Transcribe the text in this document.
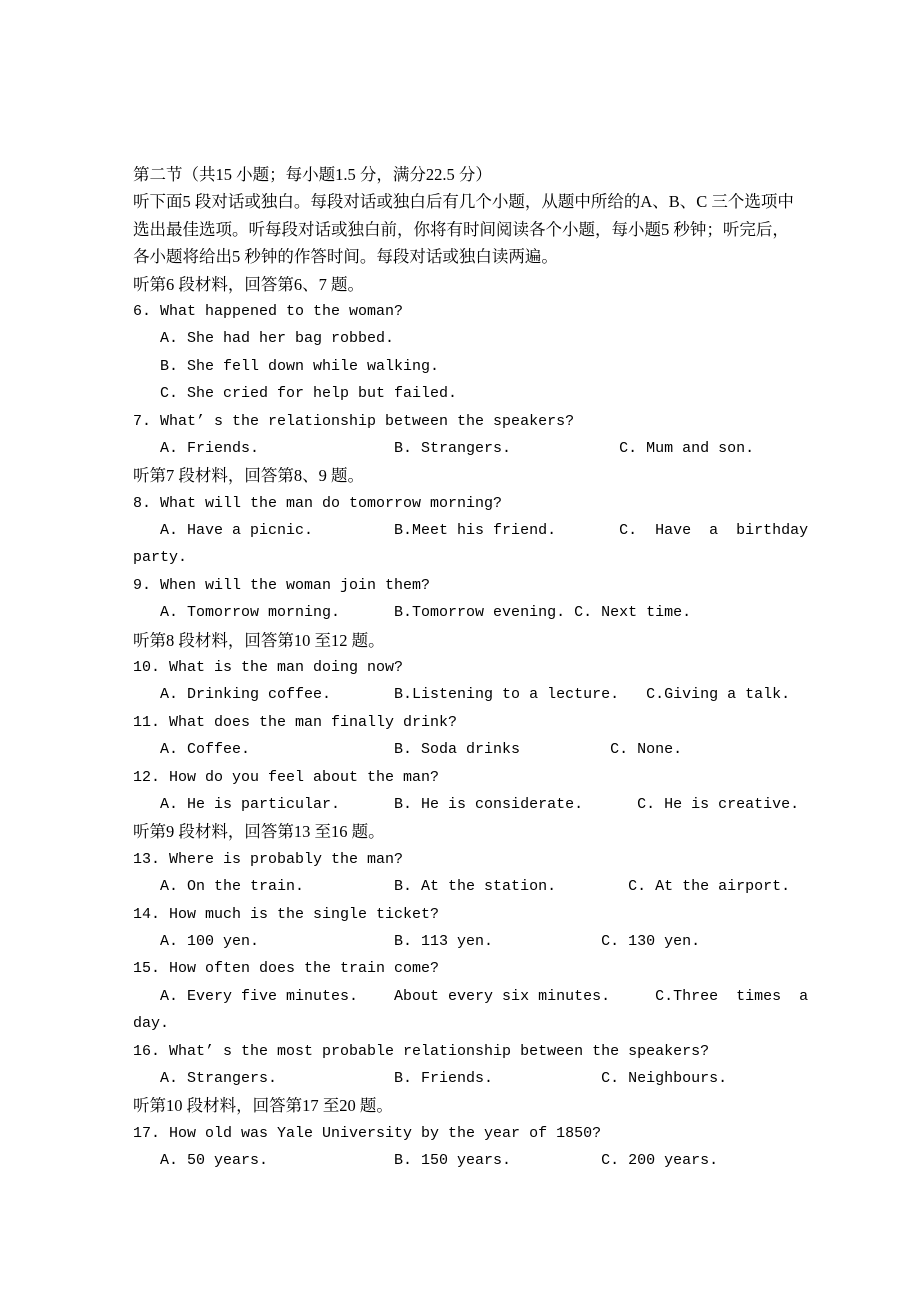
第二节（共15 小题；每小题1.5 分，满分22.5 分）
听下面5 段对话或独白。每段对话或独白后有几个小题，从题中所给的A、B、C 三个选项中
选出最佳选项。听每段对话或独白前，你将有时间阅读各个小题，每小题5 秒钟；听完后，
各小题将给出5 秒钟的作答时间。每段对话或独白读两遍。
听第6 段材料，回答第6、7 题。
6. What happened to the woman?
A. She had her bag robbed.
B. She fell down while walking.
C. She cried for help but failed.
7. What’ s the relationship between the speakers?
A. Friends.               B. Strangers.            C. Mum and son.
听第7 段材料，回答第8、9 题。
8. What will the man do tomorrow morning?
A. Have a picnic.         B.Meet his friend.       C.  Have  a  birthday
party.
9. When will the woman join them?
A. Tomorrow morning.      B.Tomorrow evening. C. Next time.
听第8 段材料，回答第10 至12 题。
10. What is the man doing now?
A. Drinking coffee.       B.Listening to a lecture.   C.Giving a talk.
11. What does the man finally drink?
A. Coffee.                B. Soda drinks          C. None.
12. How do you feel about the man?
A. He is particular.      B. He is considerate.      C. He is creative.
听第9 段材料，回答第13 至16 题。
13. Where is probably the man?
A. On the train.          B. At the station.        C. At the airport.
14. How much is the single ticket?
A. 100 yen.               B. 113 yen.            C. 130 yen.
15. How often does the train come?
A. Every five minutes.    About every six minutes.     C.Three  times  a
day.
16. What’ s the most probable relationship between the speakers?
A. Strangers.             B. Friends.            C. Neighbours.
听第10 段材料，回答第17 至20 题。
17. How old was Yale University by the year of 1850?
A. 50 years.              B. 150 years.          C. 200 years.
